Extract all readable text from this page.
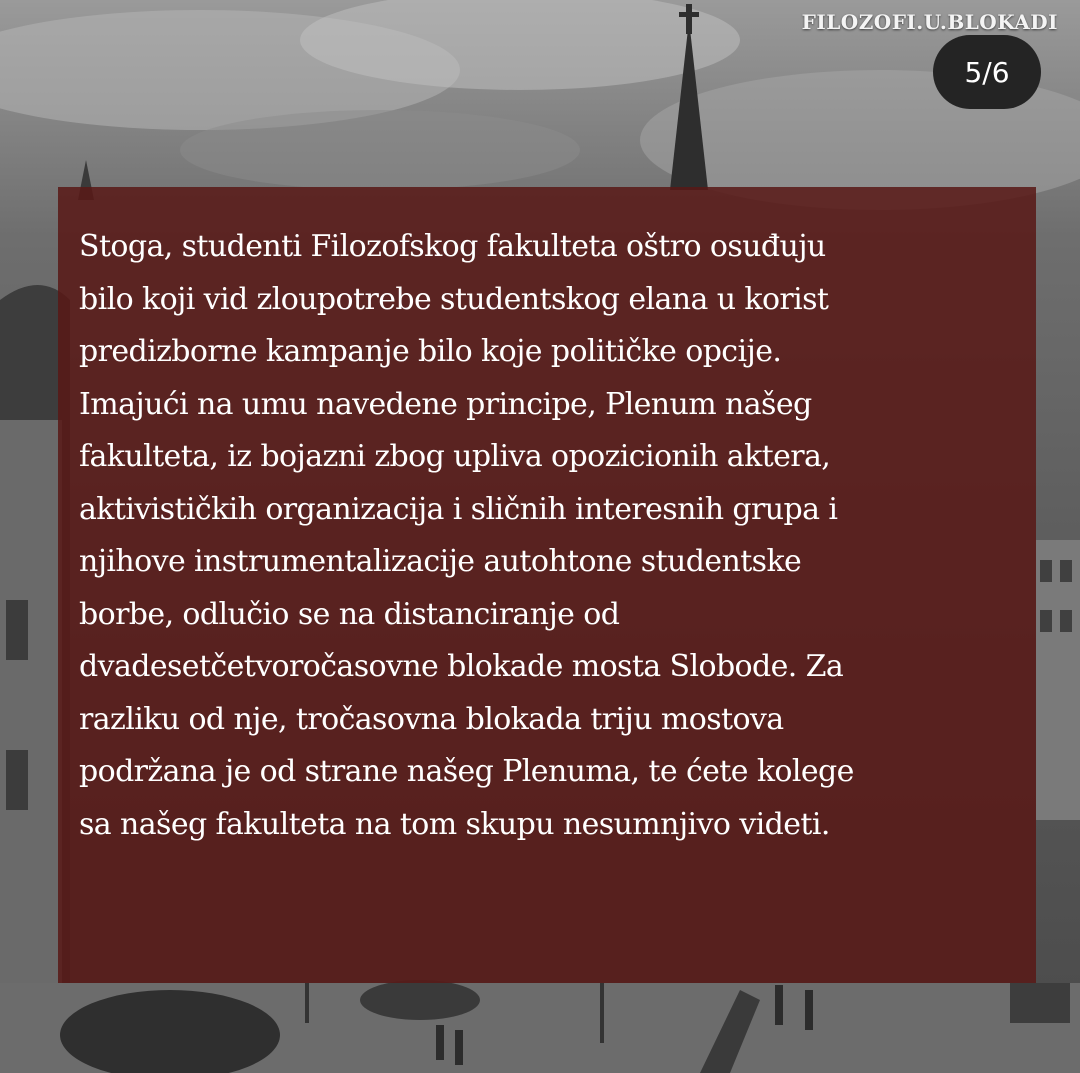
FILOZOFI.U.BLOKADI
5/6

Stoga, studenti Filozofskog fakulteta oštro osuđuju

bilo koji vid zloupotrebe studentskog elana u korist

predizborne kampanje bilo koje političke opcije.

Imajući na umu navedene principe, Plenum našeg

fakulteta, iz bojazni zbog upliva opozicionih aktera,

aktivističkih organizacija i sličnih interesnih grupa i

njihove instrumentalizacije autohtone studentske

borbe, odlučio se na distanciranje od

dvadesetčetvoročasovne blokade mosta Slobode. Za

razliku od nje, tročasovna blokada triju mostova

podržana je od strane našeg Plenuma, te ćete kolege

sa našeg fakulteta na tom skupu nesumnjivo videti.
